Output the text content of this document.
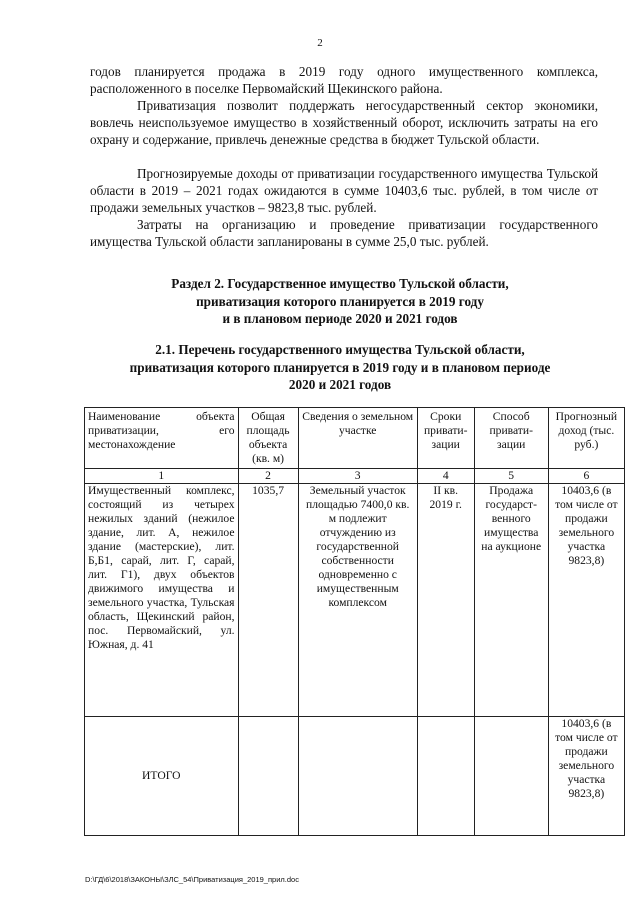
2

годов планируется продажа в 2019 году одного имущественного комплекса, расположенного в поселке Первомайский Щекинского района.

Приватизация позволит поддержать негосударственный сектор экономики, вовлечь неиспользуемое имущество в хозяйственный оборот, исключить затраты на его охрану и содержание, привлечь денежные средства в бюджет Тульской области.

Прогнозируемые доходы от приватизации государственного имущества Тульской области в 2019 – 2021 годах ожидаются в сумме 10403,6 тыс. рублей, в том числе от продажи земельных участков – 9823,8 тыс. рублей.

Затраты на организацию и проведение приватизации государственного имущества Тульской области запланированы в сумме 25,0 тыс. рублей.

Раздел 2. Государственное имущество Тульской области,
приватизация которого планируется в 2019 году
и в плановом периоде 2020 и 2021 годов
2.1. Перечень государственного имущества Тульской области,
приватизация которого планируется в 2019 году и в плановом периоде
2020 и 2021 годов
Наименование объекта приватизации, его местонахождение	Общая площадь объекта (кв. м)	Сведения о земельном участке	Сроки привати-зации	Способ привати-зации	Прогнозный доход (тыс. руб.)
1	2	3	4	5	6
Имущественный комплекс, состоящий из четырех нежилых зданий (нежилое здание, лит. А, нежилое здание (мастерские), лит. Б,Б1, сарай, лит. Г, сарай, лит. Г1), двух объектов движимого имущества и земельного участка, Тульская область, Щекинский район, пос. Первомайский, ул. Южная, д. 41	1035,7	Земельный участок площадью 7400,0 кв. м подлежит отчуждению из государственной собственности одновременно с имущественным комплексом	II кв. 2019 г.	Продажа государст-венного имущества на аукционе	10403,6 (в том числе от продажи земельного участка 9823,8)
ИТОГО					10403,6 (в том числе от продажи земельного участка 9823,8)
D:\ГД\6\2018\ЗАКОНЫ\ЗЛС_54\Приватизация_2019_прил.doc
